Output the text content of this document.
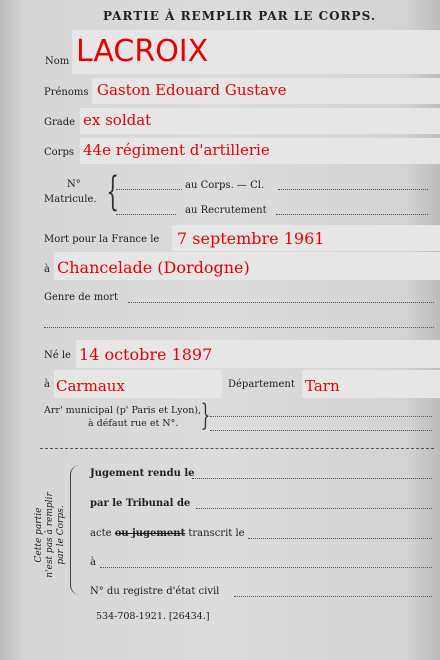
PARTIE À REMPLIR PAR LE CORPS.
Nom LACROIX
Prénoms Gaston Edouard Gustave
Grade ex soldat
Corps 44e régiment d'artillerie
N°
Matricule. {	au Corps. — Cl.
au Recrutement
Mort pour la France le 7 septembre 1961
à Chancelade (Dordogne)
Genre de mort
Né le 14 octobre 1897
à Carmaux	Département Tarn
Arr' municipal (p' Paris et Lyon),
à défaut rue et N°. }
Cette partie n'est pas à remplir par le Corps.
Jugement rendu le
par le Tribunal de
acte ou jugement transcrit le
à
N° du registre d'état civil
534-708-1921. [26434.]
